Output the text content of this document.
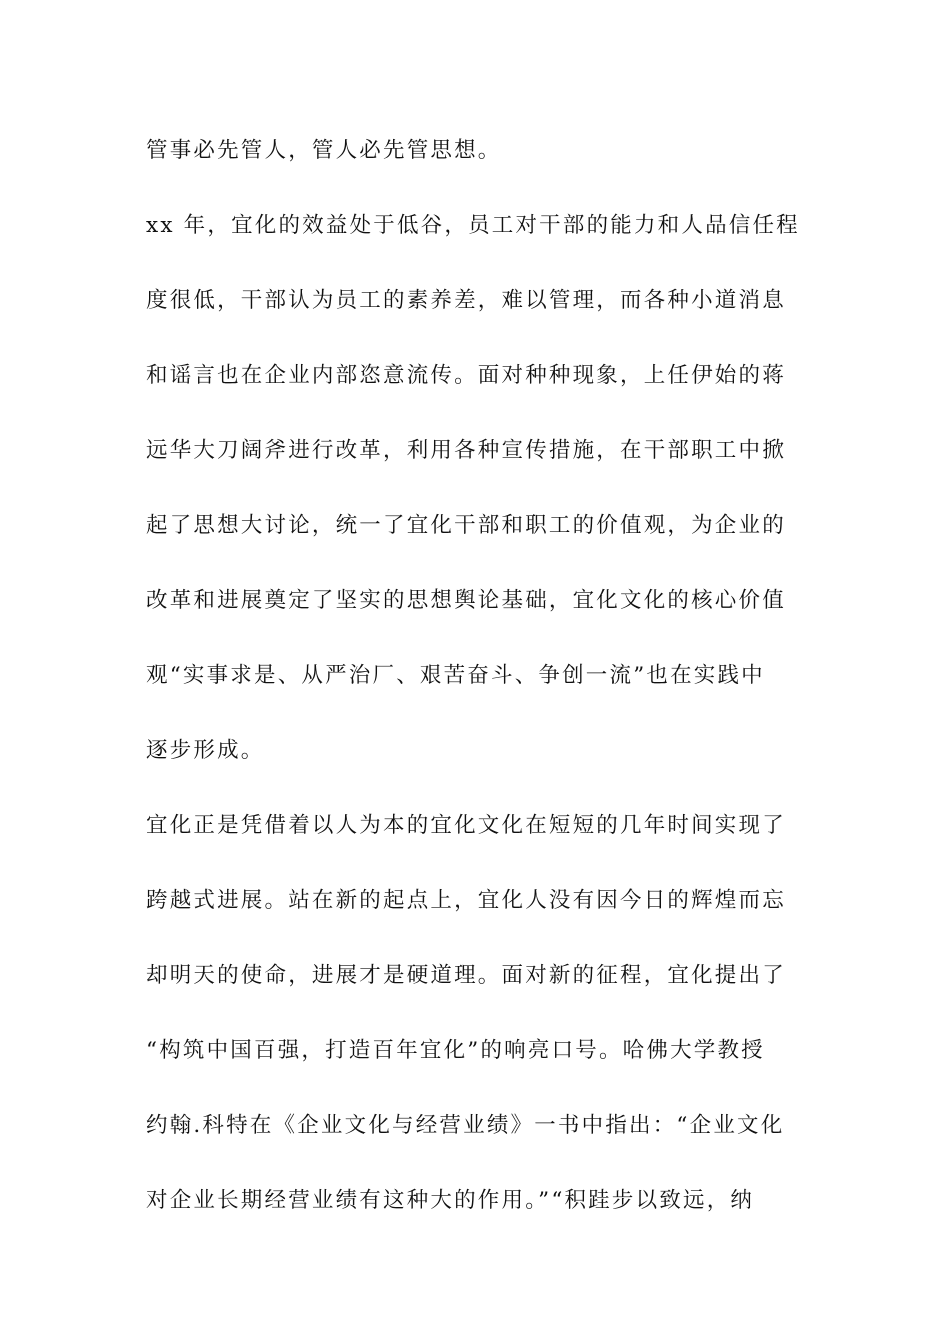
管事必先管人，管人必先管思想。
xx 年，宜化的效益处于低谷，员工对干部的能力和人品信任程
度很低，干部认为员工的素养差，难以管理，而各种小道消息
和谣言也在企业内部恣意流传。面对种种现象，上任伊始的蒋
远华大刀阔斧进行改革，利用各种宣传措施，在干部职工中掀
起了思想大讨论，统一了宜化干部和职工的价值观，为企业的
改革和进展奠定了坚实的思想舆论基础，宜化文化的核心价值
观“实事求是、从严治厂、艰苦奋斗、争创一流”也在实践中
逐步形成。
宜化正是凭借着以人为本的宜化文化在短短的几年时间实现了
跨越式进展。站在新的起点上，宜化人没有因今日的辉煌而忘
却明天的使命，进展才是硬道理。面对新的征程，宜化提出了
“构筑中国百强，打造百年宜化”的响亮口号。哈佛大学教授
约翰.科特在《企业文化与经营业绩》一书中指出：“企业文化
对企业长期经营业绩有这种大的作用。”“积跬步以致远，纳
